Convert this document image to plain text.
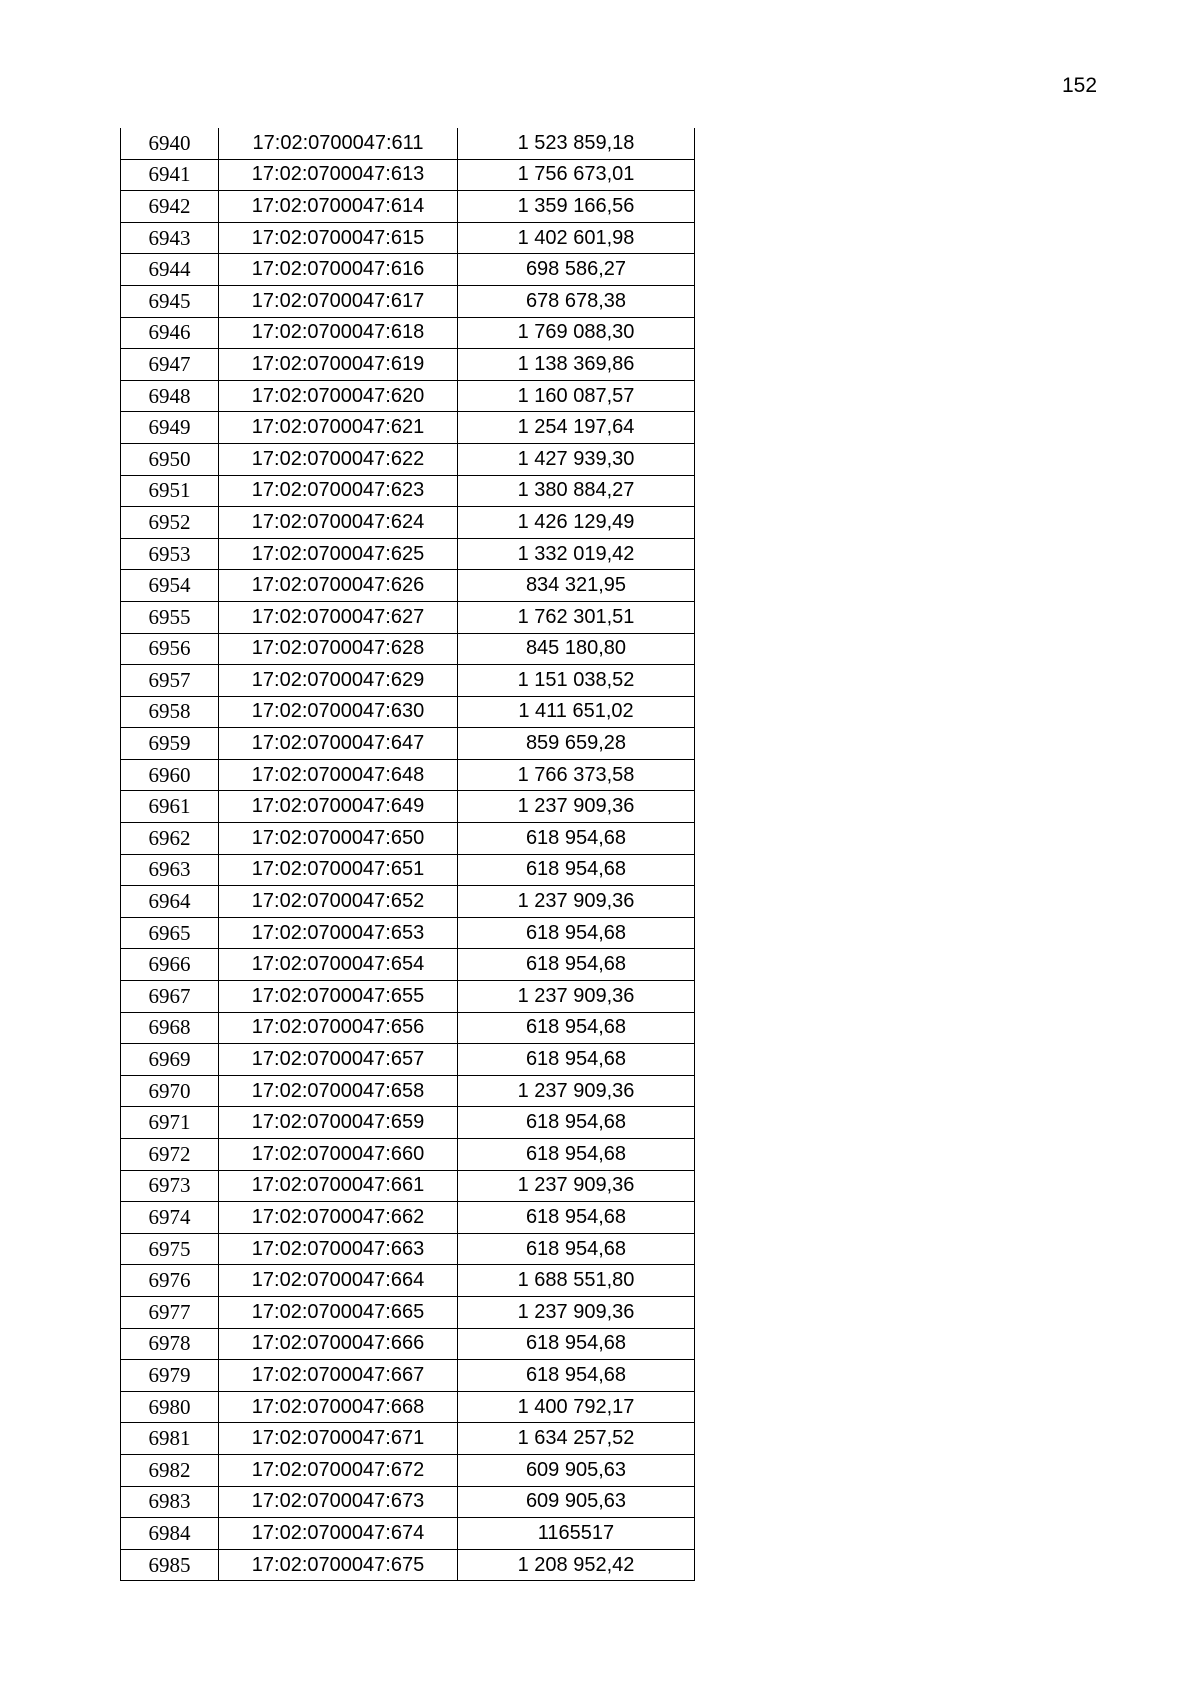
152
6940	17:02:0700047:611	1 523 859,18
6941	17:02:0700047:613	1 756 673,01
6942	17:02:0700047:614	1 359 166,56
6943	17:02:0700047:615	1 402 601,98
6944	17:02:0700047:616	698 586,27
6945	17:02:0700047:617	678 678,38
6946	17:02:0700047:618	1 769 088,30
6947	17:02:0700047:619	1 138 369,86
6948	17:02:0700047:620	1 160 087,57
6949	17:02:0700047:621	1 254 197,64
6950	17:02:0700047:622	1 427 939,30
6951	17:02:0700047:623	1 380 884,27
6952	17:02:0700047:624	1 426 129,49
6953	17:02:0700047:625	1 332 019,42
6954	17:02:0700047:626	834 321,95
6955	17:02:0700047:627	1 762 301,51
6956	17:02:0700047:628	845 180,80
6957	17:02:0700047:629	1 151 038,52
6958	17:02:0700047:630	1 411 651,02
6959	17:02:0700047:647	859 659,28
6960	17:02:0700047:648	1 766 373,58
6961	17:02:0700047:649	1 237 909,36
6962	17:02:0700047:650	618 954,68
6963	17:02:0700047:651	618 954,68
6964	17:02:0700047:652	1 237 909,36
6965	17:02:0700047:653	618 954,68
6966	17:02:0700047:654	618 954,68
6967	17:02:0700047:655	1 237 909,36
6968	17:02:0700047:656	618 954,68
6969	17:02:0700047:657	618 954,68
6970	17:02:0700047:658	1 237 909,36
6971	17:02:0700047:659	618 954,68
6972	17:02:0700047:660	618 954,68
6973	17:02:0700047:661	1 237 909,36
6974	17:02:0700047:662	618 954,68
6975	17:02:0700047:663	618 954,68
6976	17:02:0700047:664	1 688 551,80
6977	17:02:0700047:665	1 237 909,36
6978	17:02:0700047:666	618 954,68
6979	17:02:0700047:667	618 954,68
6980	17:02:0700047:668	1 400 792,17
6981	17:02:0700047:671	1 634 257,52
6982	17:02:0700047:672	609 905,63
6983	17:02:0700047:673	609 905,63
6984	17:02:0700047:674	1165517
6985	17:02:0700047:675	1 208 952,42
